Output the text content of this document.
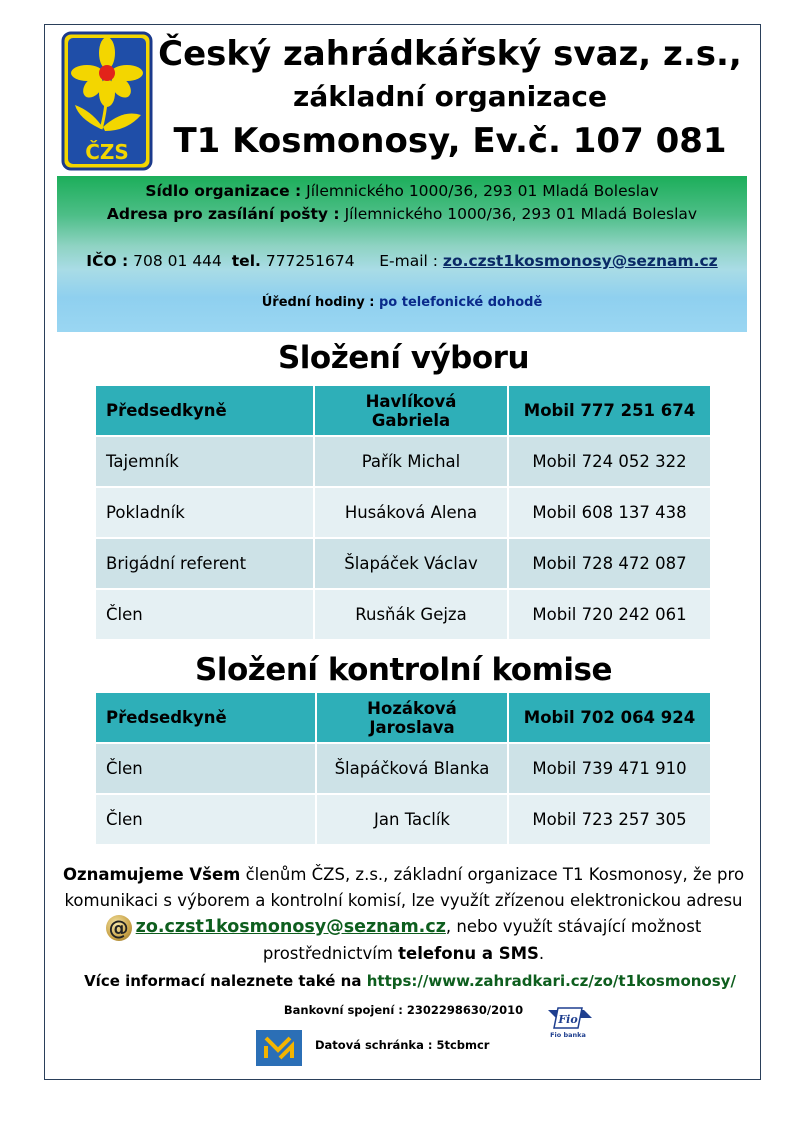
ČZS
Český zahrádkářský svaz, z.s.,
základní organizace
T1 Kosmonosy, Ev.č. 107 081
Sídlo organizace : Jílemnického 1000/36, 293 01 Mladá Boleslav
Adresa pro zasílání pošty : Jílemnického 1000/36, 293 01 Mladá Boleslav
IČO : 708 01 444 tel. 777251674 E-mail : zo.czst1kosmonosy@seznam.cz
Úřední hodiny : po telefonické dohodě
Složení výboru
Předsedkyně	Havlíková Gabriela	Mobil 777 251 674
Tajemník	Pařík Michal	Mobil 724 052 322
Pokladník	Husáková Alena	Mobil 608 137 438
Brigádní referent	Šlapáček Václav	Mobil 728 472 087
Člen	Rusňák Gejza	Mobil 720 242 061
Složení kontrolní komise
Předsedkyně	Hozáková Jaroslava	Mobil 702 064 924
Člen	Šlapáčková Blanka	Mobil 739 471 910
Člen	Jan Taclík	Mobil 723 257 305
Oznamujeme Všem členům ČZS, z.s., základní organizace T1 Kosmonosy, že pro komunikaci s výborem a kontrolní komisí, lze využít zřízenou elektronickou adresu
@ zo.czst1kosmonosy@seznam.cz, nebo využít stávající možnost prostřednictvím telefonu a SMS.
Více informací naleznete také na https://www.zahradkari.cz/zo/t1kosmonosy/
Bankovní spojení : 2302298630/2010
Fio
Fio banka
Datová schránka : 5tcbmcr
